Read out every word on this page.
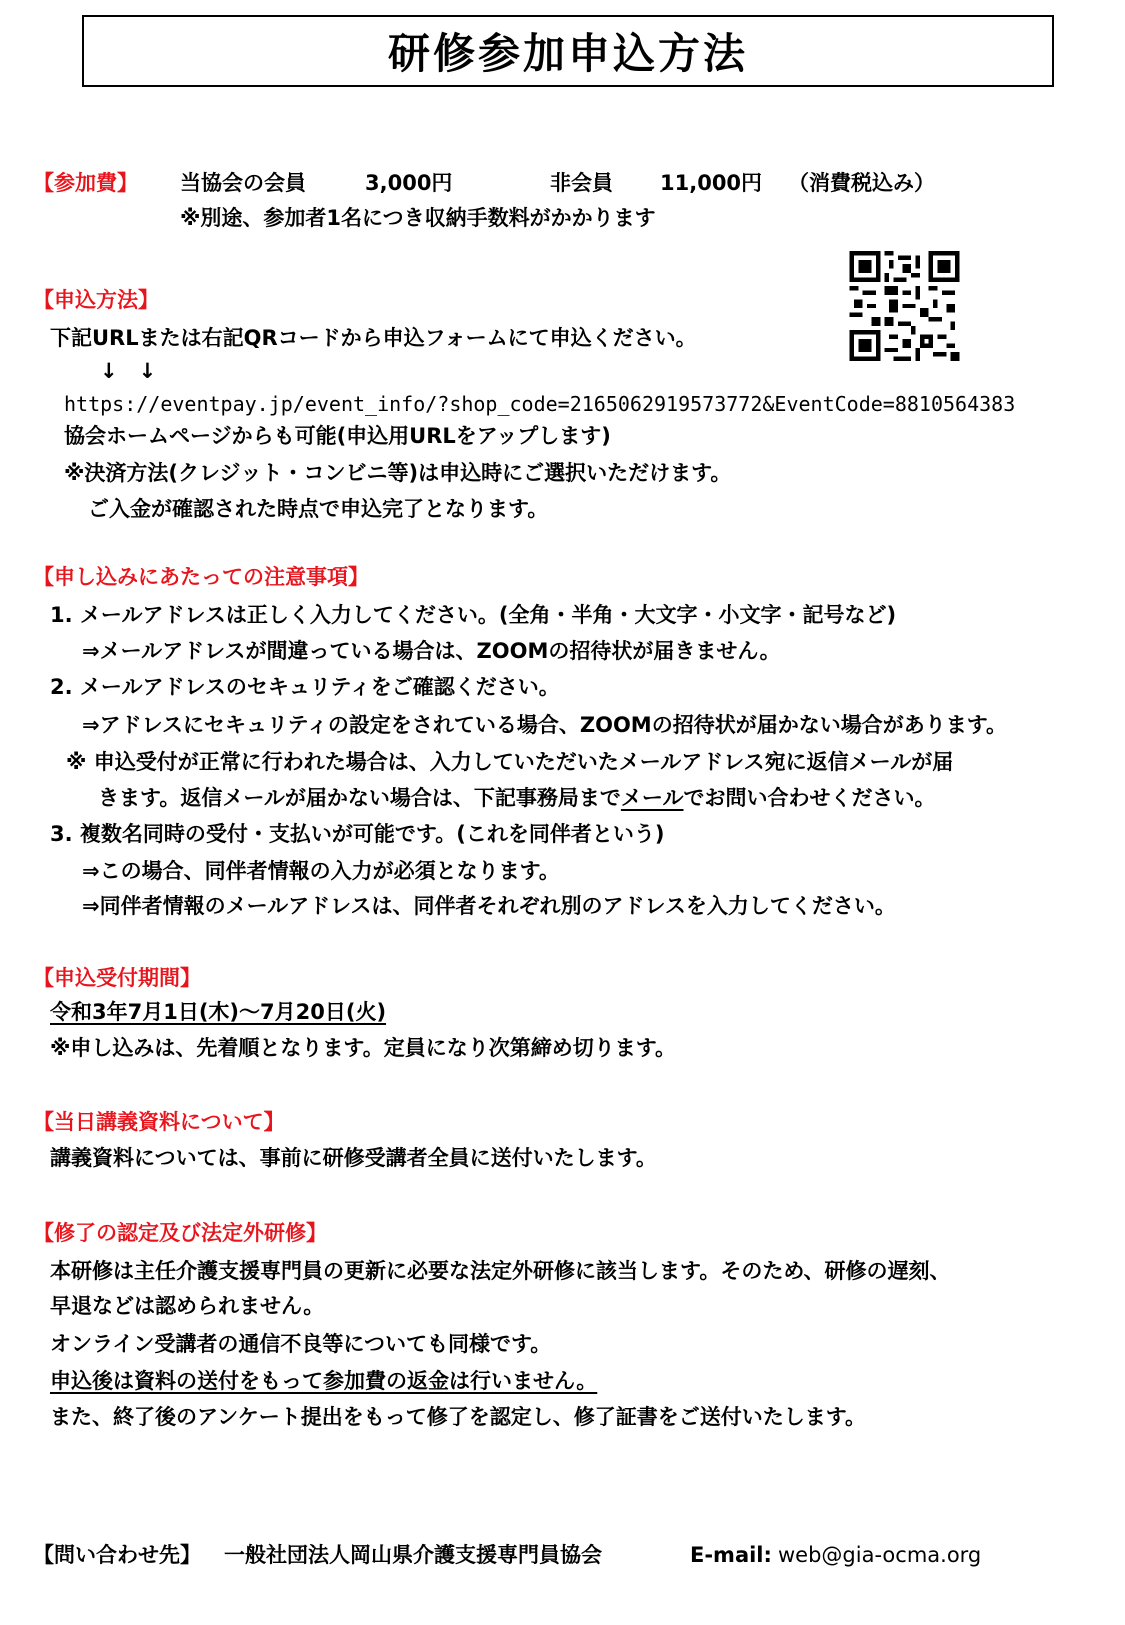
研修参加申込方法
【参加費】 当協会の会員	3,000円	非会員 11,000円 （消費税込み）
※別途、参加者1名につき収納手数料がかかります
【申込方法】
下記URLまたは右記QRコードから申込フォームにて申込ください。
↓　↓
https://eventpay.jp/event_info/?shop_code=2165062919573772&EventCode=8810564383
協会ホームページからも可能(申込用URLをアップします)
※決済方法(クレジット・コンビニ等)は申込時にご選択いただけます。
ご入金が確認された時点で申込完了となります。
【申し込みにあたっての注意事項】
1. メールアドレスは正しく入力してください。(全角・半角・大文字・小文字・記号など)
⇒メールアドレスが間違っている場合は、ZOOMの招待状が届きません。
2. メールアドレスのセキュリティをご確認ください。
⇒アドレスにセキュリティの設定をされている場合、ZOOMの招待状が届かない場合があります。
※ 申込受付が正常に行われた場合は、入力していただいたメールアドレス宛に返信メールが届
きます。返信メールが届かない場合は、下記事務局までメールでお問い合わせください。
3. 複数名同時の受付・支払いが可能です。(これを同伴者という)
⇒この場合、同伴者情報の入力が必須となります。
⇒同伴者情報のメールアドレスは、同伴者それぞれ別のアドレスを入力してください。
【申込受付期間】
令和3年7月1日(木)～7月20日(火)
※申し込みは、先着順となります。定員になり次第締め切ります。
【当日講義資料について】
講義資料については、事前に研修受講者全員に送付いたします。
【修了の認定及び法定外研修】
本研修は主任介護支援専門員の更新に必要な法定外研修に該当します。そのため、研修の遅刻、
早退などは認められません。
オンライン受講者の通信不良等についても同様です。
申込後は資料の送付をもって参加費の返金は行いません。
また、終了後のアンケート提出をもって修了を認定し、修了証書をご送付いたします。
【問い合わせ先】 一般社団法人岡山県介護支援専門員協会	E-mail: web@gia-ocma.org
